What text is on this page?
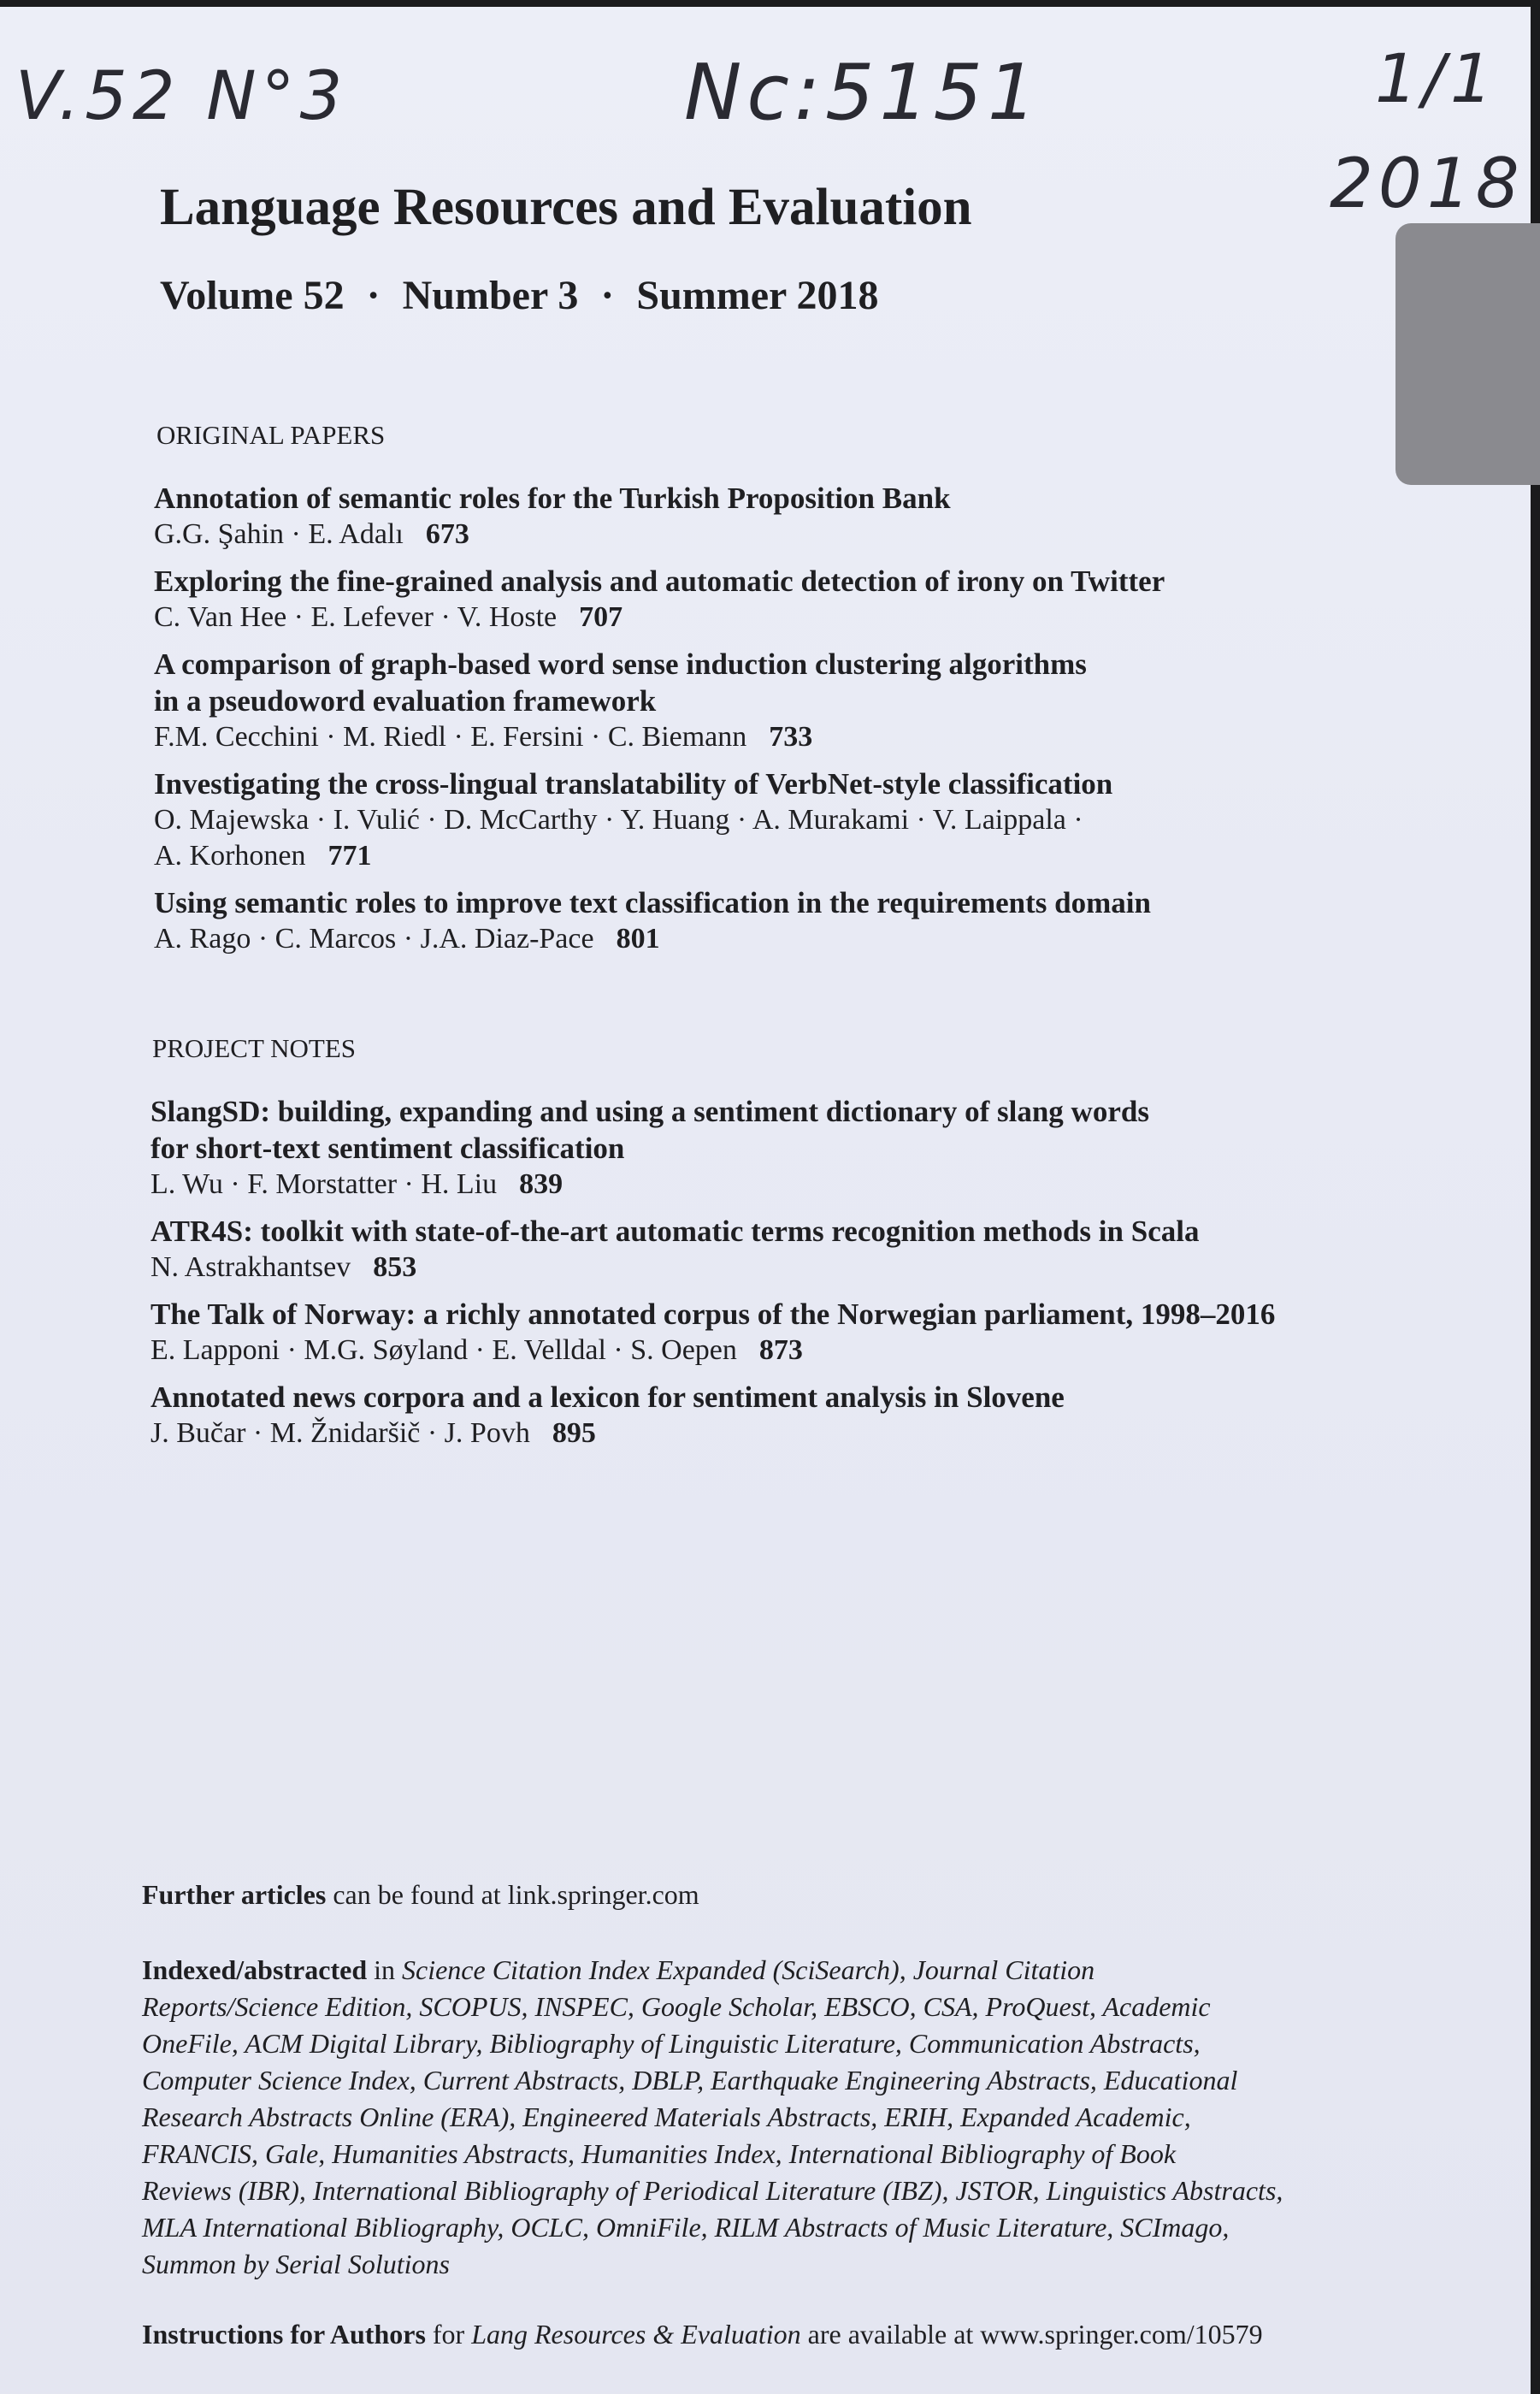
V.52 N°3	Nc:5151	1/1
2018
Language Resources and Evaluation
Volume 52 · Number 3 · Summer 2018
ORIGINAL PAPERS
Annotation of semantic roles for the Turkish Proposition Bank
G.G. Şahin · E. Adalı 673
Exploring the fine-grained analysis and automatic detection of irony on Twitter
C. Van Hee · E. Lefever · V. Hoste 707
A comparison of graph-based word sense induction clustering algorithms
in a pseudoword evaluation framework
F.M. Cecchini · M. Riedl · E. Fersini · C. Biemann 733
Investigating the cross-lingual translatability of VerbNet-style classification
O. Majewska · I. Vulić · D. McCarthy · Y. Huang · A. Murakami · V. Laippala ·
A. Korhonen 771
Using semantic roles to improve text classification in the requirements domain
A. Rago · C. Marcos · J.A. Diaz-Pace 801
PROJECT NOTES
SlangSD: building, expanding and using a sentiment dictionary of slang words
for short-text sentiment classification
L. Wu · F. Morstatter · H. Liu 839
ATR4S: toolkit with state-of-the-art automatic terms recognition methods in Scala
N. Astrakhantsev 853
The Talk of Norway: a richly annotated corpus of the Norwegian parliament, 1998–2016
E. Lapponi · M.G. Søyland · E. Velldal · S. Oepen 873
Annotated news corpora and a lexicon for sentiment analysis in Slovene
J. Bučar · M. Žnidaršič · J. Povh 895
Further articles can be found at link.springer.com
Indexed/abstracted in Science Citation Index Expanded (SciSearch), Journal Citation
Reports/Science Edition, SCOPUS, INSPEC, Google Scholar, EBSCO, CSA, ProQuest, Academic
OneFile, ACM Digital Library, Bibliography of Linguistic Literature, Communication Abstracts,
Computer Science Index, Current Abstracts, DBLP, Earthquake Engineering Abstracts, Educational
Research Abstracts Online (ERA), Engineered Materials Abstracts, ERIH, Expanded Academic,
FRANCIS, Gale, Humanities Abstracts, Humanities Index, International Bibliography of Book
Reviews (IBR), International Bibliography of Periodical Literature (IBZ), JSTOR, Linguistics Abstracts,
MLA International Bibliography, OCLC, OmniFile, RILM Abstracts of Music Literature, SCImago,
Summon by Serial Solutions
Instructions for Authors for Lang Resources & Evaluation are available at www.springer.com/10579
